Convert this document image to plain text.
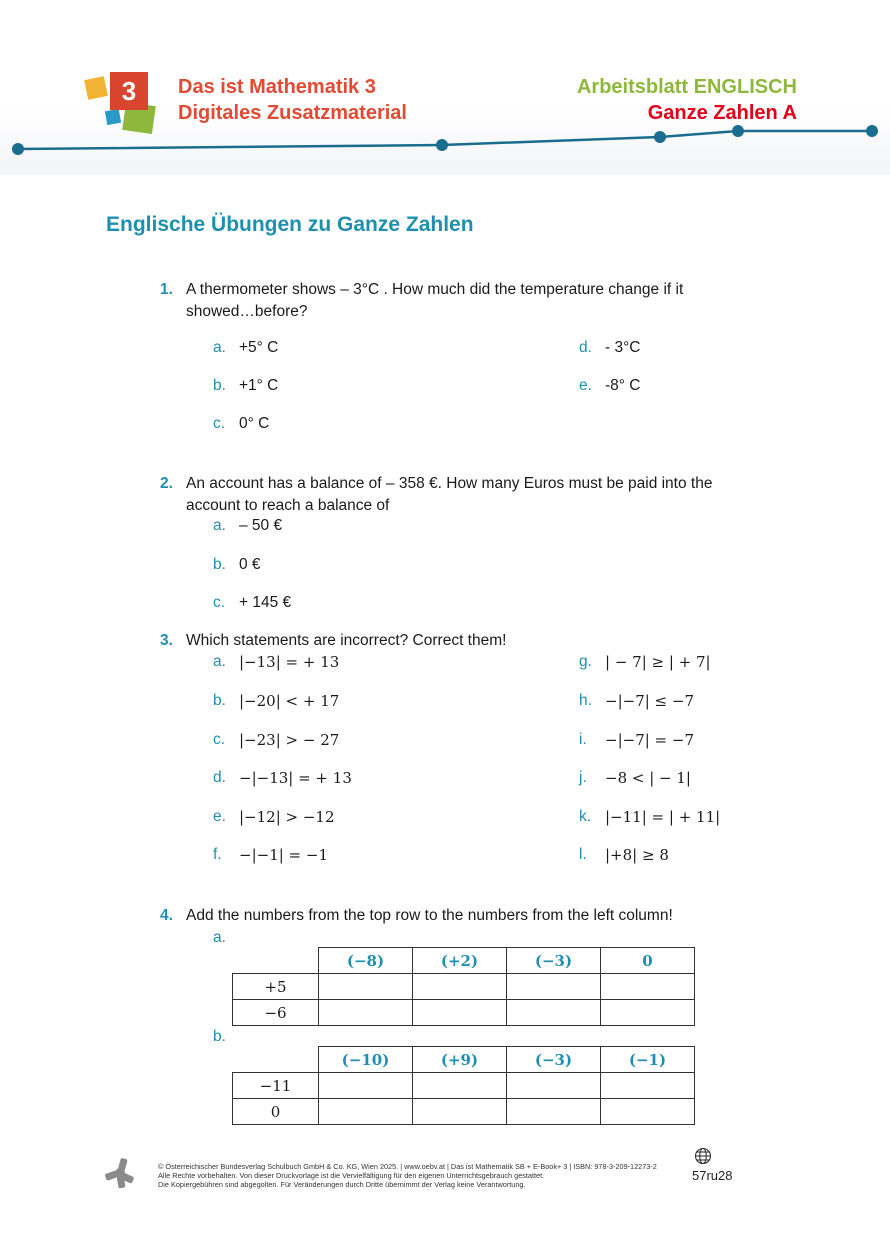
3 Das ist Mathematik 3
Digitales Zusatzmaterial
Arbeitsblatt ENGLISCH
Ganze Zahlen A
Englische Übungen zu Ganze Zahlen
1. A thermometer shows – 3°C . How much did the temperature change if it showed…before?
a. +5° C
b. +1° C
c. 0° C
d. - 3°C
e. -8° C
2. An account has a balance of – 358 €. How many Euros must be paid into the account to reach a balance of
a. – 50 €
b. 0 €
c. + 145 €
3. Which statements are incorrect? Correct them!
a. |−13| = + 13
b. |−20| < + 17
c. |−23| > − 27
d. −|−13| = + 13
e. |−12| > −12
f. −|−1| = −1
g. | − 7| ≥ | + 7|
h. −|−7| ≤ −7
i. −|−7| = −7
j. −8 < | − 1|
k. |−11| = | + 11|
l. |+8| ≥ 8
4. Add the numbers from the top row to the numbers from the left column!
a.
	(−8)	(+2)	(−3)	0
+5				
−6				
b.
	(−10)	(+9)	(−3)	(−1)
−11				
0				
© Österreichischer Bundesverlag Schulbuch GmbH & Co. KG, Wien 2025. | www.oebv.at | Das ist Mathematik SB + E-Book+ 3 | ISBN: 978-3-209-12273-2
Alle Rechte vorbehalten. Von dieser Druckvorlage ist die Vervielfältigung für den eigenen Unterrichtsgebrauch gestattet.
Die Kopiergebühren sind abgegolten. Für Veränderungen durch Dritte übernimmt der Verlag keine Verantwortung.
57ru28
